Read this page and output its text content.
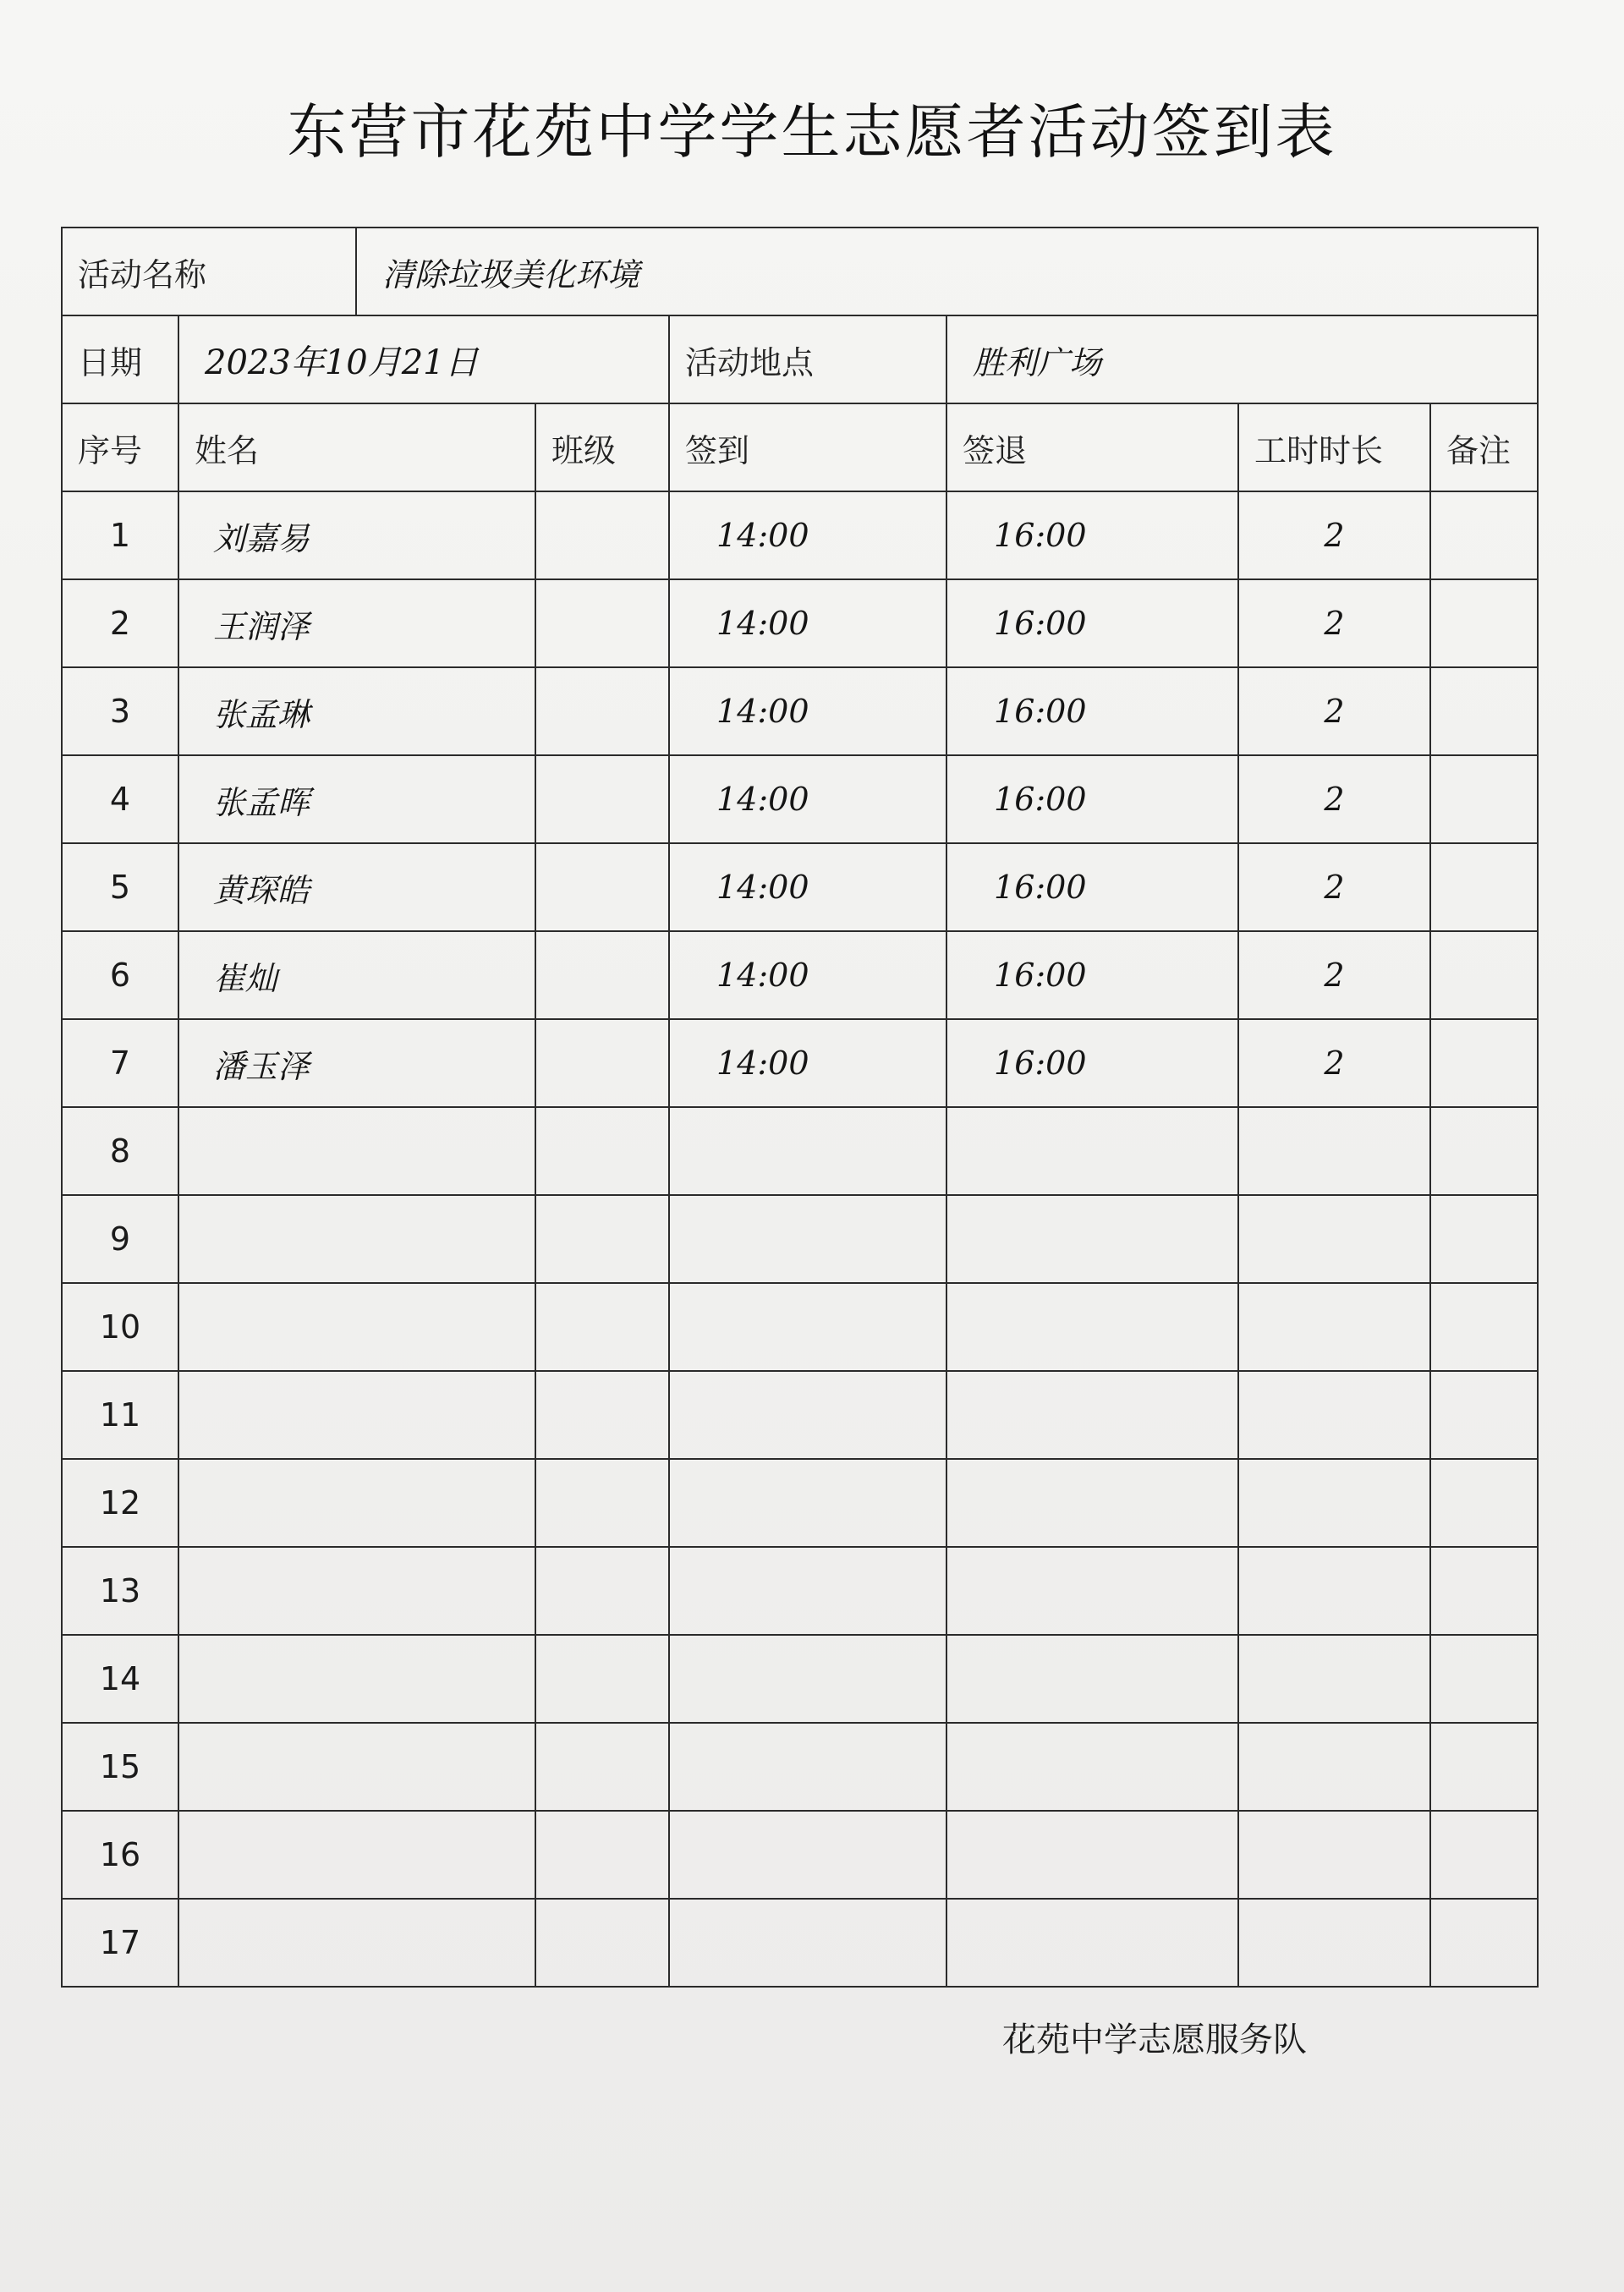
东营市花苑中学学生志愿者活动签到表
活动名称		清除垃圾美化环境					
日期	2023年10月21日			活动地点	胜利广场		
序号	姓名		班级	签到	签退	工时时长	备注
1	刘嘉易			14:00	16:00	2	
2	王润泽			14:00	16:00	2	
3	张孟琳			14:00	16:00	2	
4	张孟晖			14:00	16:00	2	
5	黄琛皓			14:00	16:00	2	
6	崔灿			14:00	16:00	2	
7	潘玉泽			14:00	16:00	2	
8							
9							
10							
11							
12							
13							
14							
15							
16							
17							
花苑中学志愿服务队
